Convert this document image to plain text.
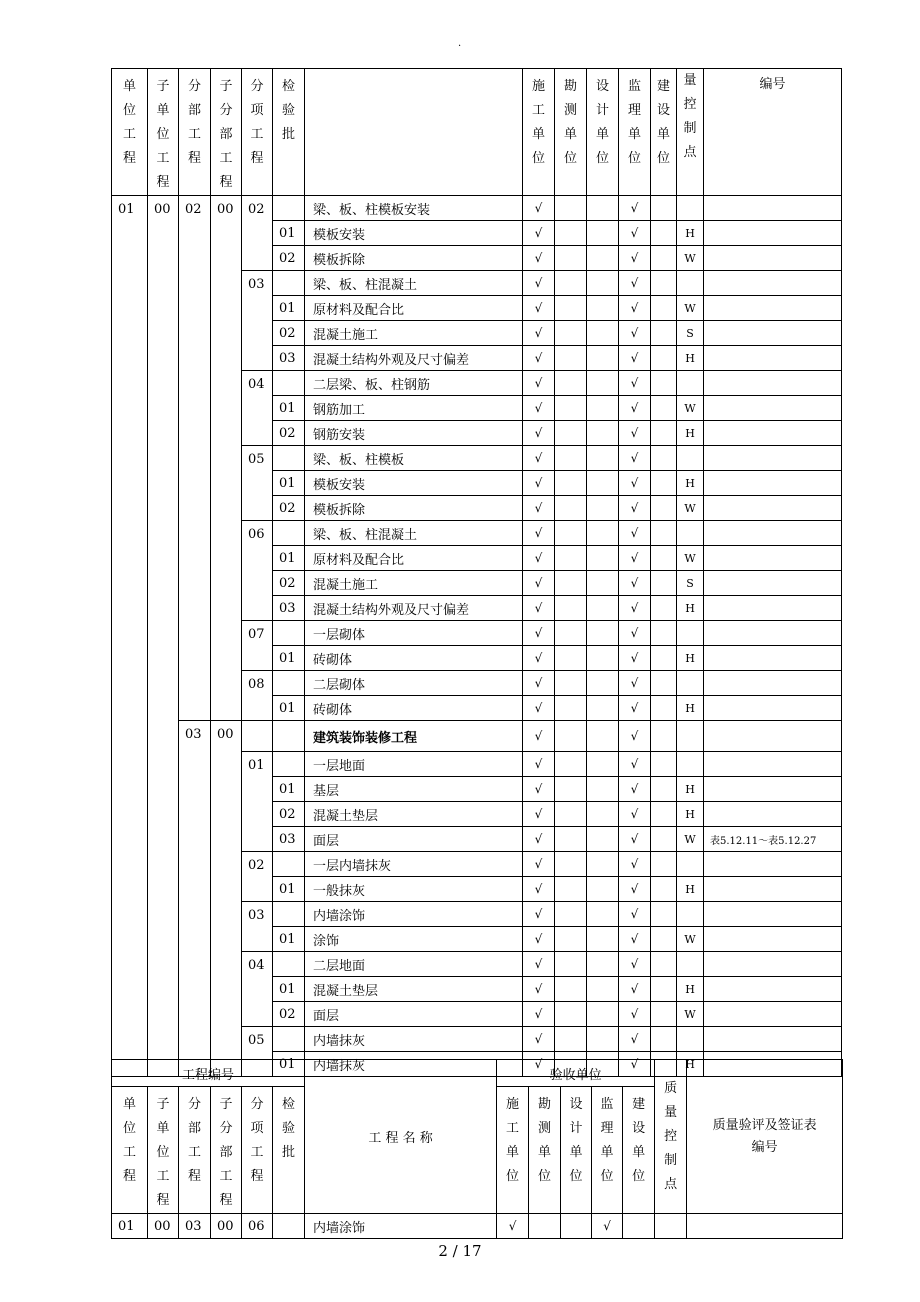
.
单
位
工
程	子
单
位
工
程	分
部
工
程	子
分
部
工
程	分
项
工
程	检
验
批		施
工
单
位	勘
测
单
位	设
计
单
位	监
理
单
位	建
设
单
位	量
控
制
点	编号
01	00	02	00	02		梁、板、柱模板安装	√			√			
					01	模板安装	√			√		H	
					02	模板拆除	√			√		W	
				03		梁、板、柱混凝土	√			√			
					01	原材料及配合比	√			√		W	
					02	混凝土施工	√			√		S	
					03	混凝土结构外观及尺寸偏差	√			√		H	
				04		二层梁、板、柱钢筋	√			√			
					01	钢筋加工	√			√		W	
					02	钢筋安装	√			√		H	
				05		梁、板、柱模板	√			√			
					01	模板安装	√			√		H	
					02	模板拆除	√			√		W	
				06		梁、板、柱混凝土	√			√			
					01	原材料及配合比	√			√		W	
					02	混凝土施工	√			√		S	
					03	混凝土结构外观及尺寸偏差	√			√		H	
				07		一层砌体	√			√			
					01	砖砌体	√			√		H	
				08		二层砌体	√			√			
					01	砖砌体	√			√		H	
		03	00			建筑装饰装修工程	√			√			
				01		一层地面	√			√			
					01	基层	√			√		H	
					02	混凝土垫层	√			√		H	
					03	面层	√			√		W	表5.12.11～表5.12.27
				02		一层内墙抹灰	√			√			
					01	一般抹灰	√			√		H	
				03		内墙涂饰	√			√			
					01	涂饰	√			√		W	
				04		二层地面	√			√			
					01	混凝土垫层	√			√		H	
					02	面层	√			√		W	
				05		内墙抹灰	√			√			
					01	内墙抹灰	√			√		H	
工程编号						工 程 名 称	验收单位					质
量
控
制
点	质量验评及签证表编号

单
位
工
程	子
单
位
工
程	分
部
工
程	子
分
部
工
程	分
项
工
程	检
验
批		施
工
单
位	勘
测
单
位	设
计
单
位	监
理
单
位	建
设
单
位		

01	00	03	00	06		内墙涂饰	√			√			
2 / 17
